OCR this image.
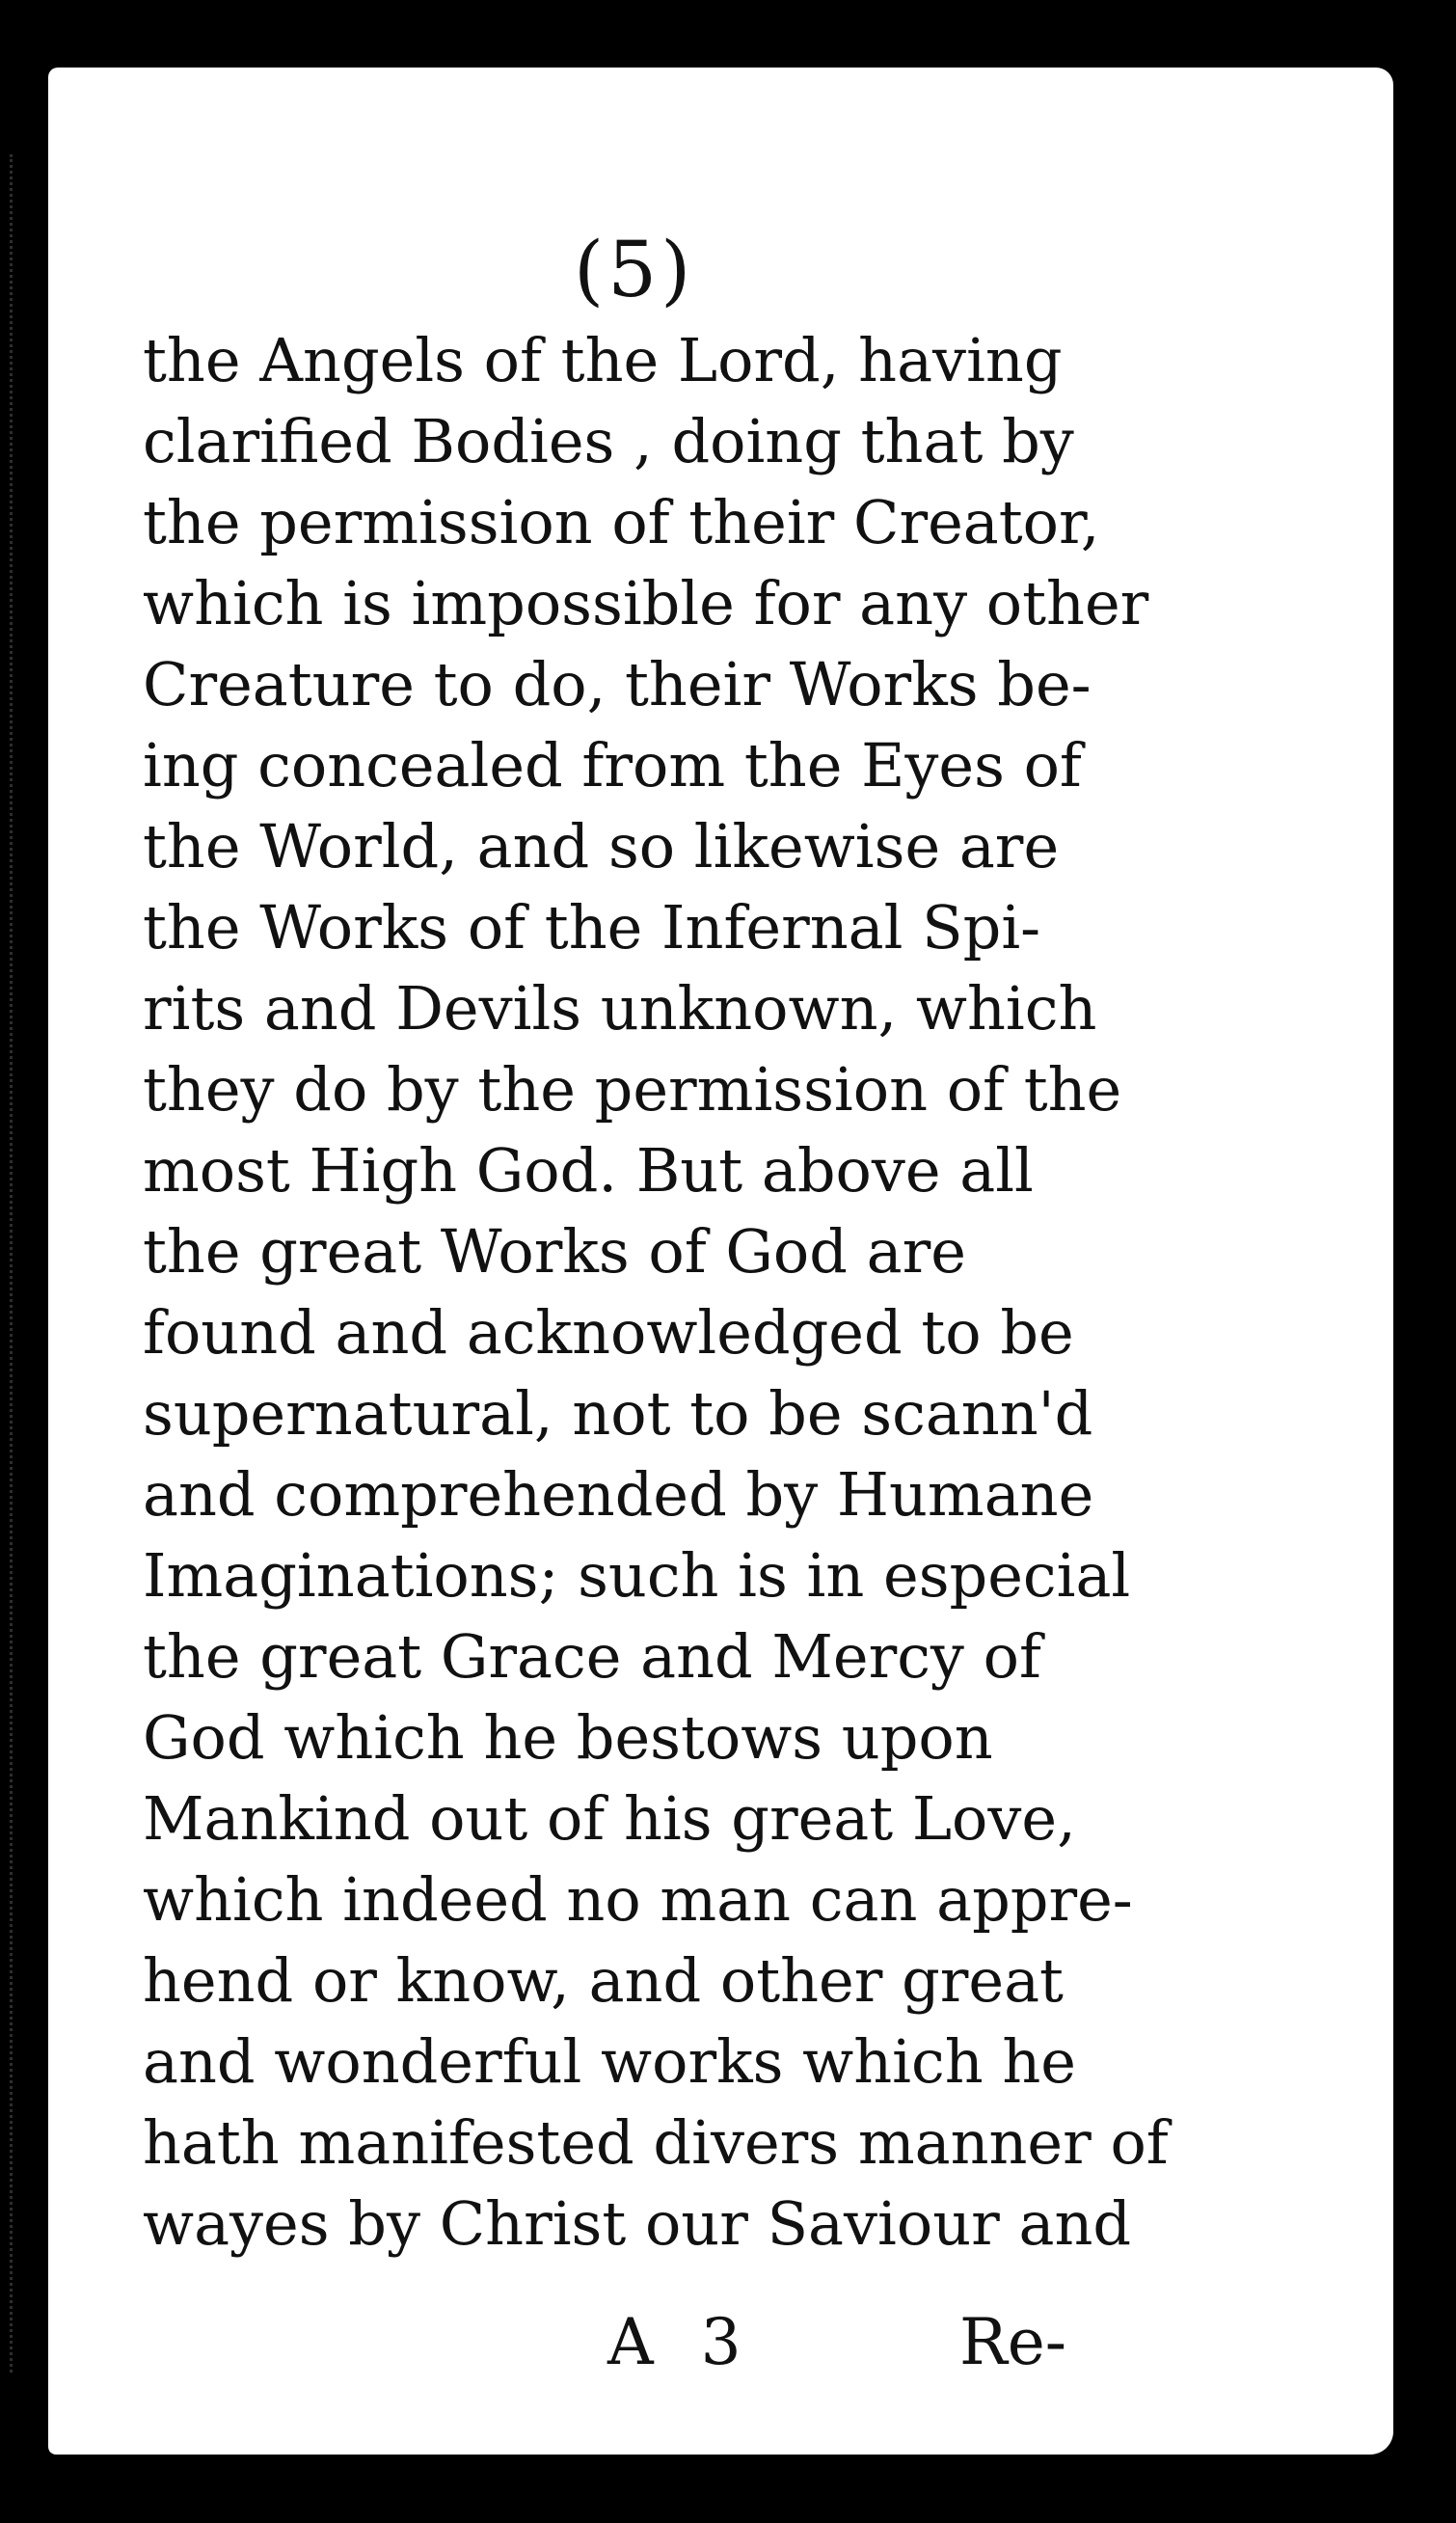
(5)
the Angels of the Lord, having
clarified Bodies , doing that by
the permission of their Creator,
which is impossible for any other
Creature to do, their Works be-
ing concealed from the Eyes of
the World, and so likewise are
the Works of the Infernal Spi-
rits and Devils unknown, which
they do by the permission of the
most High God. But above all
the great Works of God are
found and acknowledged to be
supernatural, not to be scann'd
and comprehended by Humane
Imaginations; such is in especial
the great Grace and Mercy of
God which he bestows upon
Mankind out of his great Love,
which indeed no man can appre-
hend or know, and other great
and wonderful works which he
hath manifested divers manner of
wayes by Christ our Saviour and
A 3	Re-
